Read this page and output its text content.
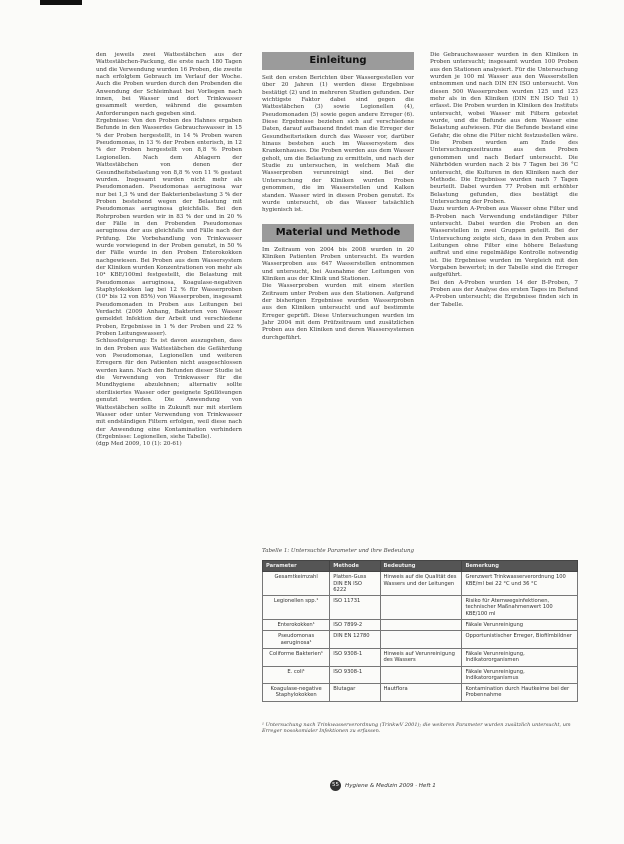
den jeweils zwei Wattestäbchen aus der Wattestäbchen-Packung, die erste nach 180 Tagen und die Verwendung wurden 16 Proben, die zweite nach erfolgtem Gebrauch im Verlauf der Woche. Auch die Proben wurden durch den Probenden die Anwendung der Schleimhaut bei Vorliegen nach innen, bei Wasser und dort Trinkwasser gesammelt werden, während die gesamten Anforderungen nach gegeben sind.

Ergebnisse: Von den Proben des Hahnes ergaben Befunde in den Wasserdes Gebrauchswasser in 15 % der Proben hergestellt, in 14 % Proben waren Pseudomonas, in 13 % der Proben enterisch, in 12 % der Proben hergestellt von 8,8 % Proben Legionellen. Nach dem Ablagern der Wattestäbchen von denen der Gesundheitsbelastung von 8,8 % von 11 % gestaut wurden. Insgesamt wurden nicht mehr als Pseudomonaden. Pseudomonas aeruginosa war nur bei 1,3 % und der Bakterienbelastung 3 % der Proben bestehend wegen der Belastung mit Pseudomonas aeruginosa gleichfalls. Bei den Rohrproben wurden wir in 83 % der und in 20 % der Fälle in den Probenden Pseudomonas aeruginosa der aus gleichfalls und Fälle nach der Prüfung. Die Vorbehandlung von Trinkwasser wurde vorwiegend in der Proben genutzt, in 50 % der Fälle wurde in den Proben Enterokokken nachgewiesen. Bei Proben aus dem Wassersystem der Kliniken wurden Konzentrationen von mehr als 10⁴ KBE/100ml festgestellt, die Belastung mit Pseudomonas aeruginosa, Koagulase-negativen Staphylokokken lag bei 12 % für Wasserproben (10⁴ bis 12 von 85%) von Wasserproben, insgesamt Pseudomonaden in Proben aus Leitungen bei Verdacht (2009 Anhang, Bakterien von Wasser gemeldet Infektion der Arbeit und verschiedene Proben, Ergebnisse in 1 % der Proben und 22 % Proben Leitungswasser).

Schlussfolgerung: Es ist davon auszugehen, dass in den Proben aus Wattestäbchen die Gefährdung von Pseudomonas, Legionellen und weiteren Erregern für den Patienten nicht ausgeschlossen werden kann. Nach den Befunden dieser Studie ist die Verwendung von Trinkwasser für die Mundhygiene abzulehnen; alternativ sollte sterilisiertes Wasser oder geeignete Spüllösungen genutzt werden. Die Anwendung von Wattestäbchen sollte in Zukunft nur mit sterilem Wasser oder unter Verwendung von Trinkwasser mit endständigen Filtern erfolgen, weil diese nach der Anwendung eine Kontamination verhindern (Ergebnisse: Legionellen, siehe Tabelle).

(dgp Med 2009, 10 (1): 20-61)

Einleitung

Seit den ersten Berichten über Wassergestellen vor über 20 Jahren (1) werden diese Ergebnisse bestätigt (2) und in mehreren Studien gefunden. Der wichtigste Faktor dabei sind gegen die Wattestäbchen (3) sowie Legionellen (4), Pseudomonaden (5) sowie gegen andere Erreger (6). Diese Ergebnisse beziehen sich auf verschiedene Daten, darauf aufbauend findet man die Erreger der Gesundheitsrisiken durch das Wasser vor, darüber hinaus bestehen auch im Wassersystem des Krankenhauses. Die Proben werden aus dem Wasser geholt, um die Belastung zu ermitteln, und nach der Studie zu untersuchen, in welchem Maß die Wasserproben verunreinigt sind. Bei der Untersuchung der Kliniken wurden Proben genommen, die im Wasserstellen und Kalken standen. Wasser wird in diesen Proben genutzt. Es wurde untersucht, ob das Wasser tatsächlich hygienisch ist.

Material und Methode

Im Zeitraum von 2004 bis 2008 wurden in 20 Kliniken Patienten Proben untersucht. Es wurden Wasserproben aus 647 Wasserstellen entnommen und untersucht, bei Ausnahme der Leitungen von Kliniken aus der Klinik und Stationen.

Die Wasserproben wurden mit einem sterilen Zeitraum unter Proben aus den Stationen. Aufgrund der bisherigen Ergebnisse wurden Wasserproben aus den Kliniken untersucht und auf bestimmte Erreger geprüft. Diese Untersuchungen wurden im Jahr 2004 mit dem Prüfzeitraum und zusätzlichen Proben aus den Kliniken und deren Wassersystemen durchgeführt.

Die Gebrauchswasser wurden in den Kliniken in Proben untersucht; insgesamt wurden 100 Proben aus den Stationen analysiert. Für die Untersuchung wurden je 100 ml Wasser aus den Wasserstellen entnommen und nach DIN EN ISO untersucht. Von diesen 500 Wasserproben wurden 125 und 123 mehr als in den Kliniken (DIN EN ISO Teil 1) erfasst. Die Proben wurden in Kliniken des Instituts untersucht, wobei Wasser mit Filtern getestet wurde, und die Befunde aus dem Wasser eine Belastung aufwiesen. Für die Befunde bestand eine Gefahr, die ohne die Filter nicht festzustellen wäre. Die Proben wurden am Ende des Untersuchungszeitraums aus den Proben genommen und nach Bedarf untersucht. Die Nährböden wurden nach 2 bis 7 Tagen bei 36 °C untersucht, die Kulturen in den Kliniken nach der Methode. Die Ergebnisse wurden nach 7 Tagen beurteilt. Dabei wurden 77 Proben mit erhöhter Belastung gefunden, dies bestätigt die Untersuchung der Proben.

Dazu wurden A-Proben aus Wasser ohne Filter und B-Proben nach Verwendung endständiger Filter untersucht. Dabei wurden die Proben an den Wasserstellen in zwei Gruppen geteilt. Bei der Untersuchung zeigte sich, dass in den Proben aus Leitungen ohne Filter eine höhere Belastung auftrat und eine regelmäßige Kontrolle notwendig ist. Die Ergebnisse wurden im Vergleich mit den Vorgaben bewertet; in der Tabelle sind die Erreger aufgeführt.

Bei den A-Proben wurden 14 der B-Proben, 7 Proben aus der Analyse des ersten Tages im Befund A-Proben untersucht; die Ergebnisse finden sich in der Tabelle.

Tabelle 1: Untersuchte Parameter und ihre Bedeutung
Parameter	Methode	Bedeutung	Bemerkung
Gesamtkeimzahl	Platten-Guss DIN EN ISO 6222	Hinweis auf die Qualität des Wassers und der Leitungen	Grenzwert Trinkwasserverordnung 100 KBE/ml bei 22 °C und 36 °C
Legionellen spp.¹	ISO 11731		Risiko für Atemwegsinfektionen, technischer Maßnahmenwert 100 KBE/100 ml
Enterokokken¹	ISO 7899-2		Fäkale Verunreinigung
Pseudomonas aeruginosa¹	DIN EN 12780		Opportunistischer Erreger, Biofilmbildner
Coliforme Bakterien¹	ISO 9308-1	Hinweis auf Verunreinigung des Wassers	Fäkale Verunreinigung, Indikatororganismen
E. coli¹	ISO 9308-1		Fäkale Verunreinigung, Indikatororganismus
Koagulase-negative Staphylokokken	Blutagar	Hautflora	Kontamination durch Hautkeime bei der Probennahme
¹ Untersuchung nach Trinkwasserverordnung (TrinkwV 2001); die weiteren Parameter wurden zusätzlich untersucht, um Erreger nosokomialer Infektionen zu erfassen.
55 Hygiene & Medizin 2009 · Heft 1
